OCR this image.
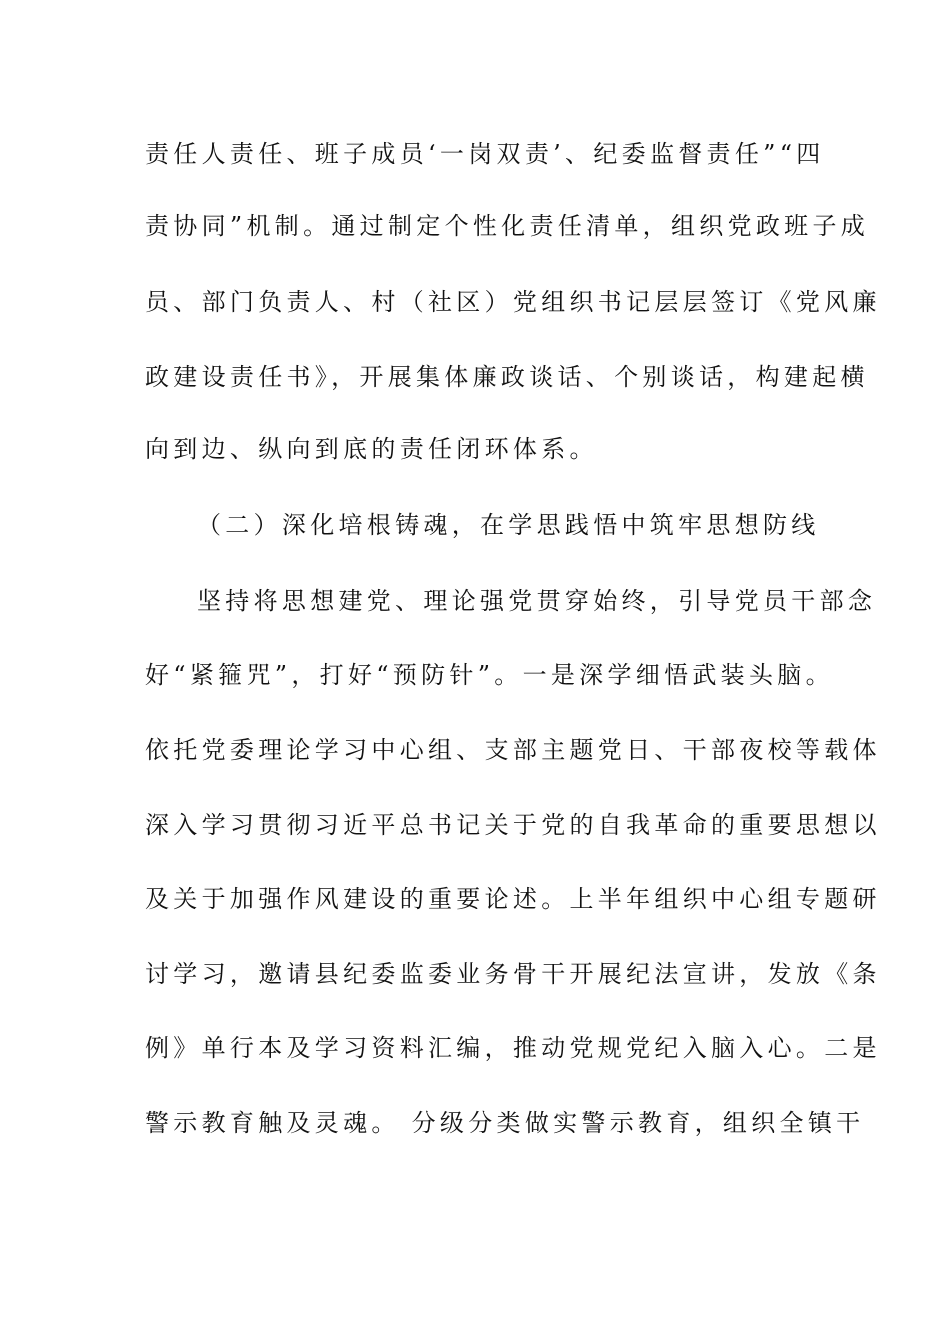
责任人责任、班子成员‘一岗双责’、纪委监督责任”“四
责协同”机制。通过制定个性化责任清单，组织党政班子成
员、部门负责人、村（社区）党组织书记层层签订《党风廉
政建设责任书》，开展集体廉政谈话、个别谈话，构建起横
向到边、纵向到底的责任闭环体系。
（二）深化培根铸魂，在学思践悟中筑牢思想防线
坚持将思想建党、理论强党贯穿始终，引导党员干部念
好“紧箍咒”，打好“预防针”。一是深学细悟武装头脑。
依托党委理论学习中心组、支部主题党日、干部夜校等载体
深入学习贯彻习近平总书记关于党的自我革命的重要思想以
及关于加强作风建设的重要论述。上半年组织中心组专题研
讨学习，邀请县纪委监委业务骨干开展纪法宣讲，发放《条
例》单行本及学习资料汇编，推动党规党纪入脑入心。二是
警示教育触及灵魂。 分级分类做实警示教育，组织全镇干
